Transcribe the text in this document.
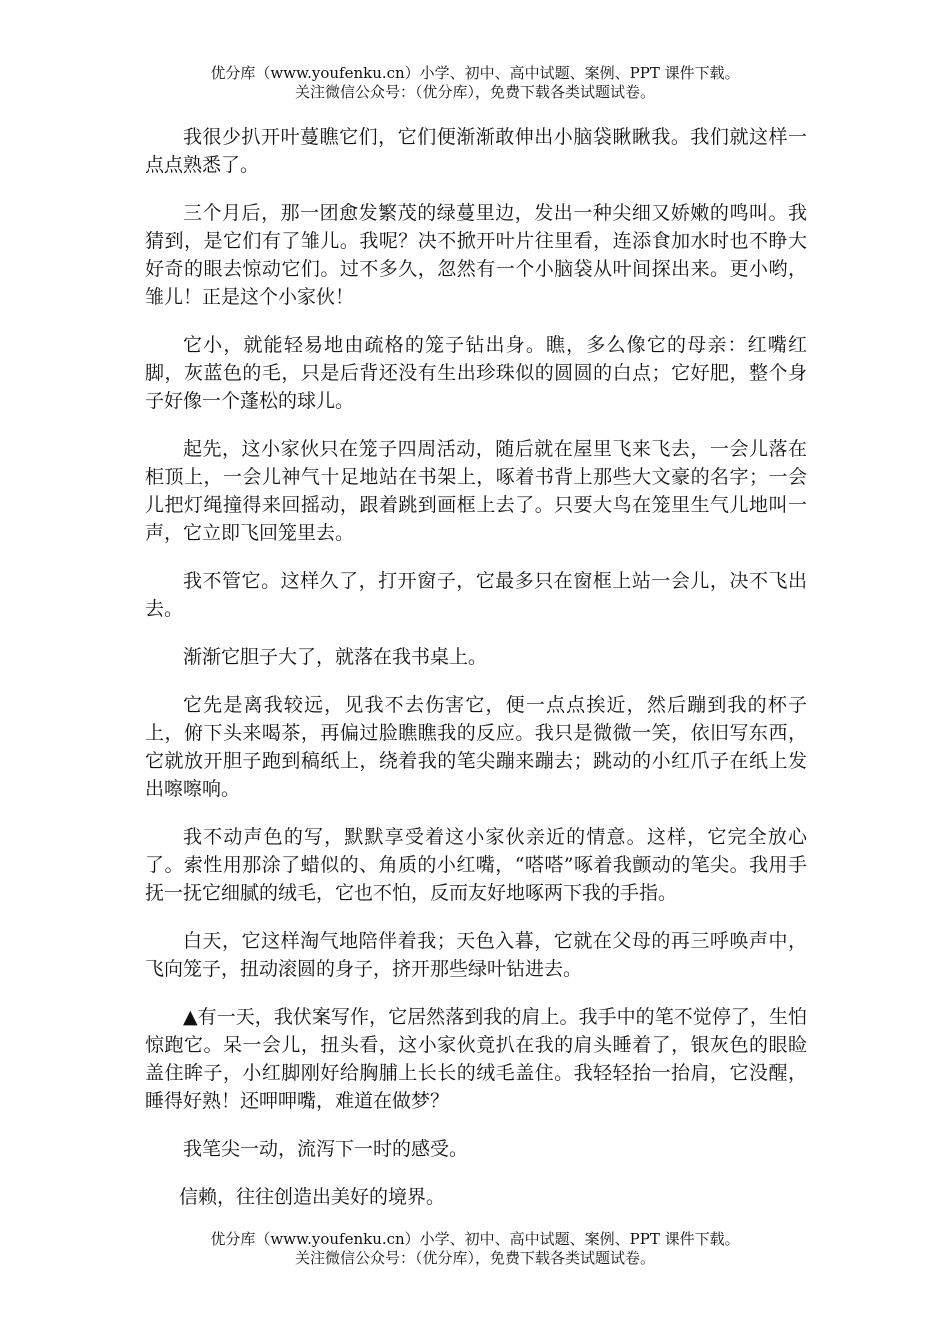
优分库（www.youfenku.cn）小学、初中、高中试题、案例、PPT 课件下载。
关注微信公众号：（优分库），免费下载各类试题试卷。

我很少扒开叶蔓瞧它们，它们便渐渐敢伸出小脑袋瞅瞅我。我们就这样一点点熟悉了。

三个月后，那一团愈发繁茂的绿蔓里边，发出一种尖细又娇嫩的鸣叫。我猜到，是它们有了雏儿。我呢？决不掀开叶片往里看，连添食加水时也不睁大好奇的眼去惊动它们。过不多久，忽然有一个小脑袋从叶间探出来。更小哟，雏儿！正是这个小家伙！

它小，就能轻易地由疏格的笼子钻出身。瞧，多么像它的母亲：红嘴红脚，灰蓝色的毛，只是后背还没有生出珍珠似的圆圆的白点；它好肥，整个身子好像一个蓬松的球儿。

起先，这小家伙只在笼子四周活动，随后就在屋里飞来飞去，一会儿落在柜顶上，一会儿神气十足地站在书架上，啄着书背上那些大文豪的名字；一会儿把灯绳撞得来回摇动，跟着跳到画框上去了。只要大鸟在笼里生气儿地叫一声，它立即飞回笼里去。

我不管它。这样久了，打开窗子，它最多只在窗框上站一会儿，决不飞出去。

渐渐它胆子大了，就落在我书桌上。

它先是离我较远，见我不去伤害它，便一点点挨近，然后蹦到我的杯子上，俯下头来喝茶，再偏过脸瞧瞧我的反应。我只是微微一笑，依旧写东西，它就放开胆子跑到稿纸上，绕着我的笔尖蹦来蹦去；跳动的小红爪子在纸上发出嚓嚓响。

我不动声色的写，默默享受着这小家伙亲近的情意。这样，它完全放心了。索性用那涂了蜡似的、角质的小红嘴，“嗒嗒”啄着我颤动的笔尖。我用手抚一抚它细腻的绒毛，它也不怕，反而友好地啄两下我的手指。

白天，它这样淘气地陪伴着我；天色入暮，它就在父母的再三呼唤声中，飞向笼子，扭动滚圆的身子，挤开那些绿叶钻进去。

▲有一天，我伏案写作，它居然落到我的肩上。我手中的笔不觉停了，生怕惊跑它。呆一会儿，扭头看，这小家伙竟扒在我的肩头睡着了，银灰色的眼睑盖住眸子，小红脚刚好给胸脯上长长的绒毛盖住。我轻轻抬一抬肩，它没醒，睡得好熟！还呷呷嘴，难道在做梦？

我笔尖一动，流泻下一时的感受。

信赖，往往创造出美好的境界。

优分库（www.youfenku.cn）小学、初中、高中试题、案例、PPT 课件下载。
关注微信公众号：（优分库），免费下载各类试题试卷。
